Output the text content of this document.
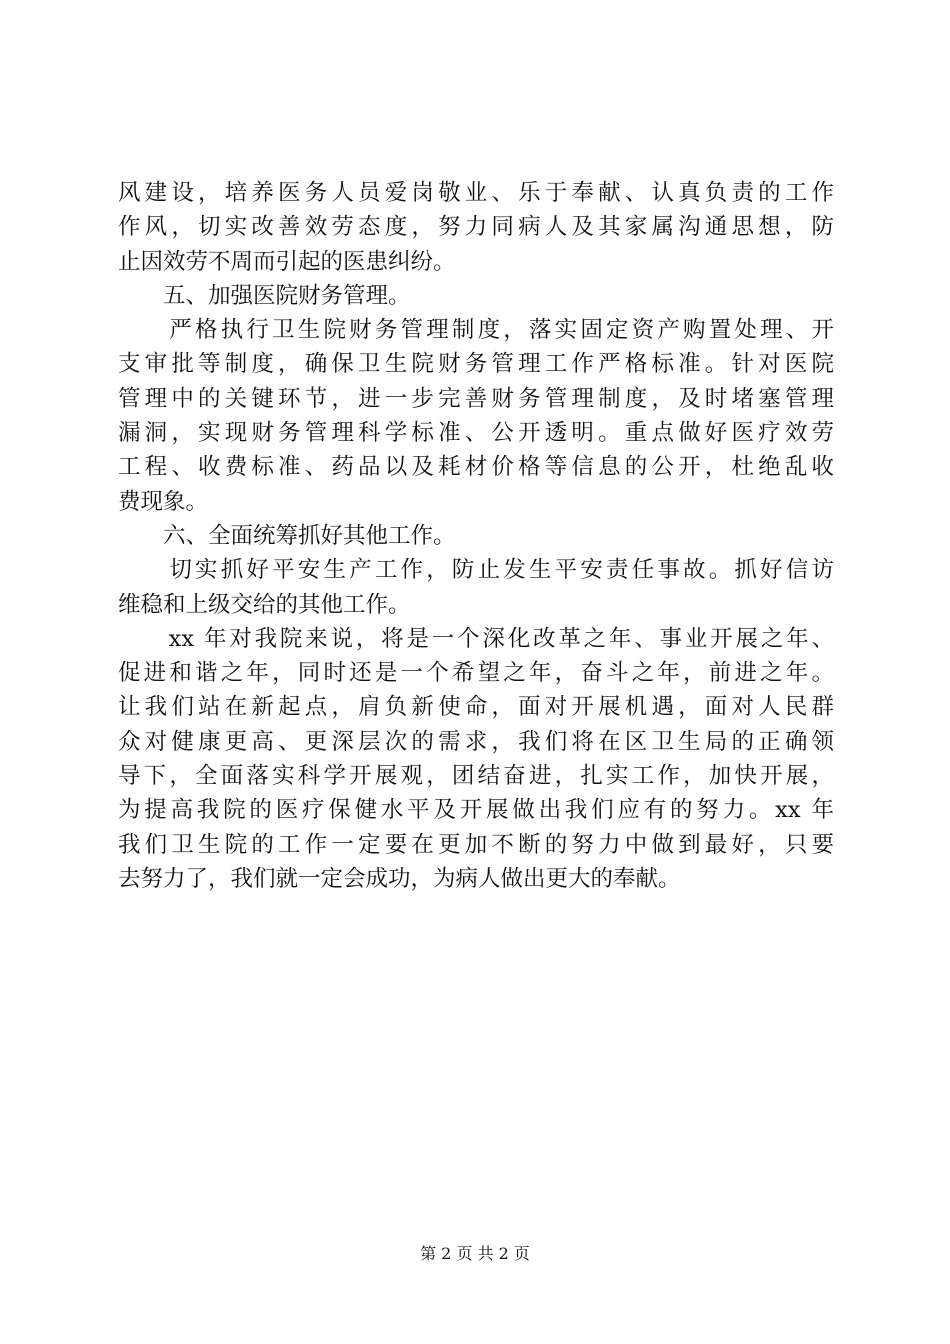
风建设，培养医务人员爱岗敬业、乐于奉献、认真负责的工作
作风，切实改善效劳态度，努力同病人及其家属沟通思想，防
止因效劳不周而引起的医患纠纷。
　　五、加强医院财务管理。
　　严格执行卫生院财务管理制度，落实固定资产购置处理、开
支审批等制度，确保卫生院财务管理工作严格标准。针对医院
管理中的关键环节，进一步完善财务管理制度，及时堵塞管理
漏洞，实现财务管理科学标准、公开透明。重点做好医疗效劳
工程、收费标准、药品以及耗材价格等信息的公开，杜绝乱收
费现象。
　　六、全面统筹抓好其他工作。
　　切实抓好平安生产工作，防止发生平安责任事故。抓好信访
维稳和上级交给的其他工作。
　　xx 年对我院来说，将是一个深化改革之年、事业开展之年、
促进和谐之年，同时还是一个希望之年，奋斗之年，前进之年。
让我们站在新起点，肩负新使命，面对开展机遇，面对人民群
众对健康更高、更深层次的需求，我们将在区卫生局的正确领
导下，全面落实科学开展观，团结奋进，扎实工作，加快开展，
为提高我院的医疗保健水平及开展做出我们应有的努力。xx 年
我们卫生院的工作一定要在更加不断的努力中做到最好，只要
去努力了，我们就一定会成功，为病人做出更大的奉献。
第 2 页 共 2 页
